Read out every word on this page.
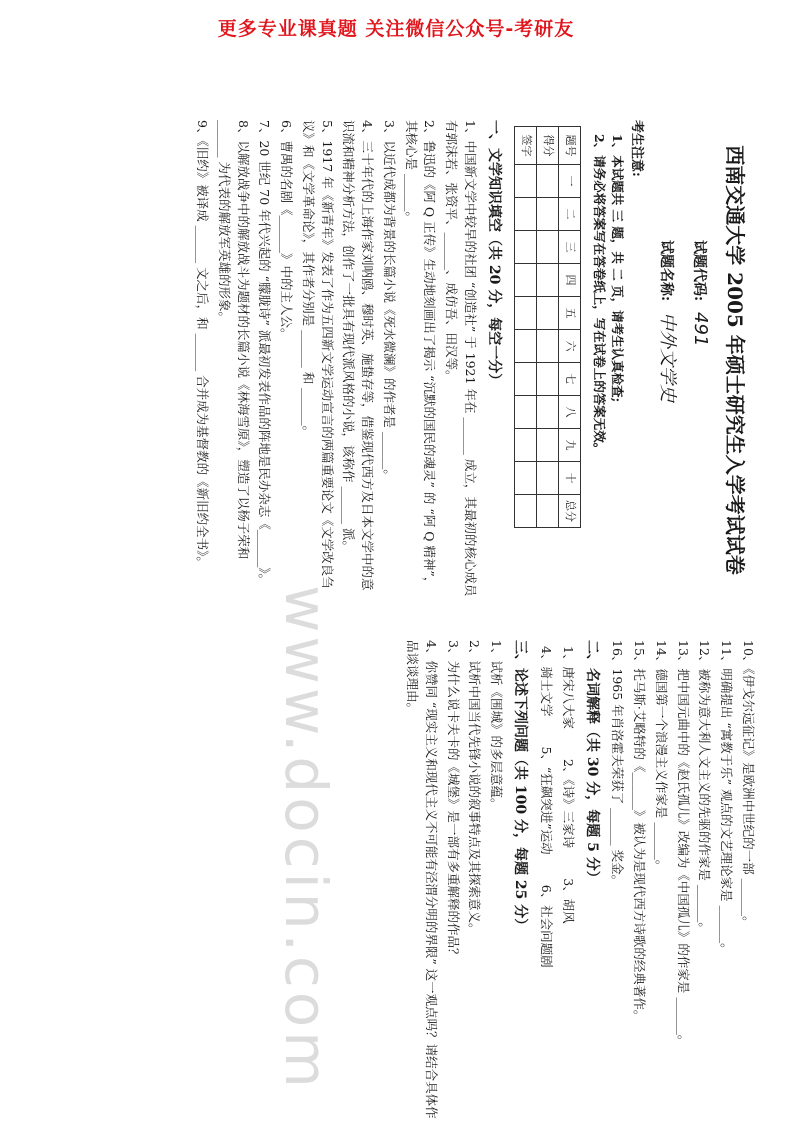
更多专业课真题 关注微信公众号-考研友
西南交通大学 2005 年硕士研究生入学考试试卷
试题代码: 491
试题名称: 中外文学史
考生注意:
1、本试题共 三 题，共 二 页，请考生认真检查;
2、请务必将答案写在答卷纸上，写在试卷上的答案无效。
题号	一	二	三	四	五	六	七	八	九	十	总分
得分											
签字											
一、文学知识填空（共 20 分，每空一分）
1、中国新文学中较早的社团 “创造社” 于 1921 年在 ______ 成立，其最初的核心成员有郭沫若、张资平、______、成仿吾、田汉等。
2、鲁迅的《阿 Q 正传》生动地刻画出了揭示 “沉默的国民的魂灵” 的 “阿 Q 精神”，其核心是 ______。
3、以近代成都为背景的长篇小说《死水微澜》的作者是 ______。
4、三十年代的上海作家刘呐鸥、穆时英、施蛰存等，借鉴现代西方及日本文学中的意识流和精神分析方法，创作了一批具有现代派风格的小说，该称作 ______ 派。
5、1917 年《新青年》发表了作为五四新文学运动宣言的两篇重要论文《文学改良刍议》和《文学革命论》，其作者分别是 ______ 和 ______。
6、曹禺的名剧《______》中的主人公。
7、20 世纪 70 年代兴起的 “朦胧诗” 派最初发表作品的阵地是民办杂志《______》。
8、以解放战争中的解放战斗为题材的长篇小说《林海雪原》，塑造了以杨子荣和 ______ 为代表的解放军英雄的形象。
9、《旧约》被译成 ______ 文之后，和 ______ 合并成为基督教的《新旧约全书》。
10、《伊戈尔远征记》是欧洲中世纪的一部 ______。
11、明确提出 “寓教于乐” 观点的文艺理论家是 ______。
12、被称为意大利人文主义的先驱的作家是 ______。
13、把中国元曲中的《赵氏孤儿》改编为《中国孤儿》的作家是 ______。
14、德国第一个浪漫主义作家是 ______。
15、托马斯·艾略特的《______》被认为是现代西方诗歌的经典著作。
16、1965 年肖洛霍夫荣获了 ______ 奖金。
二、名词解释（共 30 分，每题 5 分）
1、唐宋八大家
2、《诗》三家诗
3、胡风
4、骑士文学
5、“狂飙突进”运动
6、社会问题剧
三、论述下列问题（共 100 分，每题 25 分）
1、试析《围城》的多层意蕴。
2、试析中国当代先锋小说的叙事特点及其探索意义。
3、为什么说卡夫卡的《城堡》是一部有多重解释的作品？
4、你赞同 “现实主义和现代主义不可能有泾渭分明的界限” 这一观点吗？请结合具体作品谈谈理由。
www.docin.com
